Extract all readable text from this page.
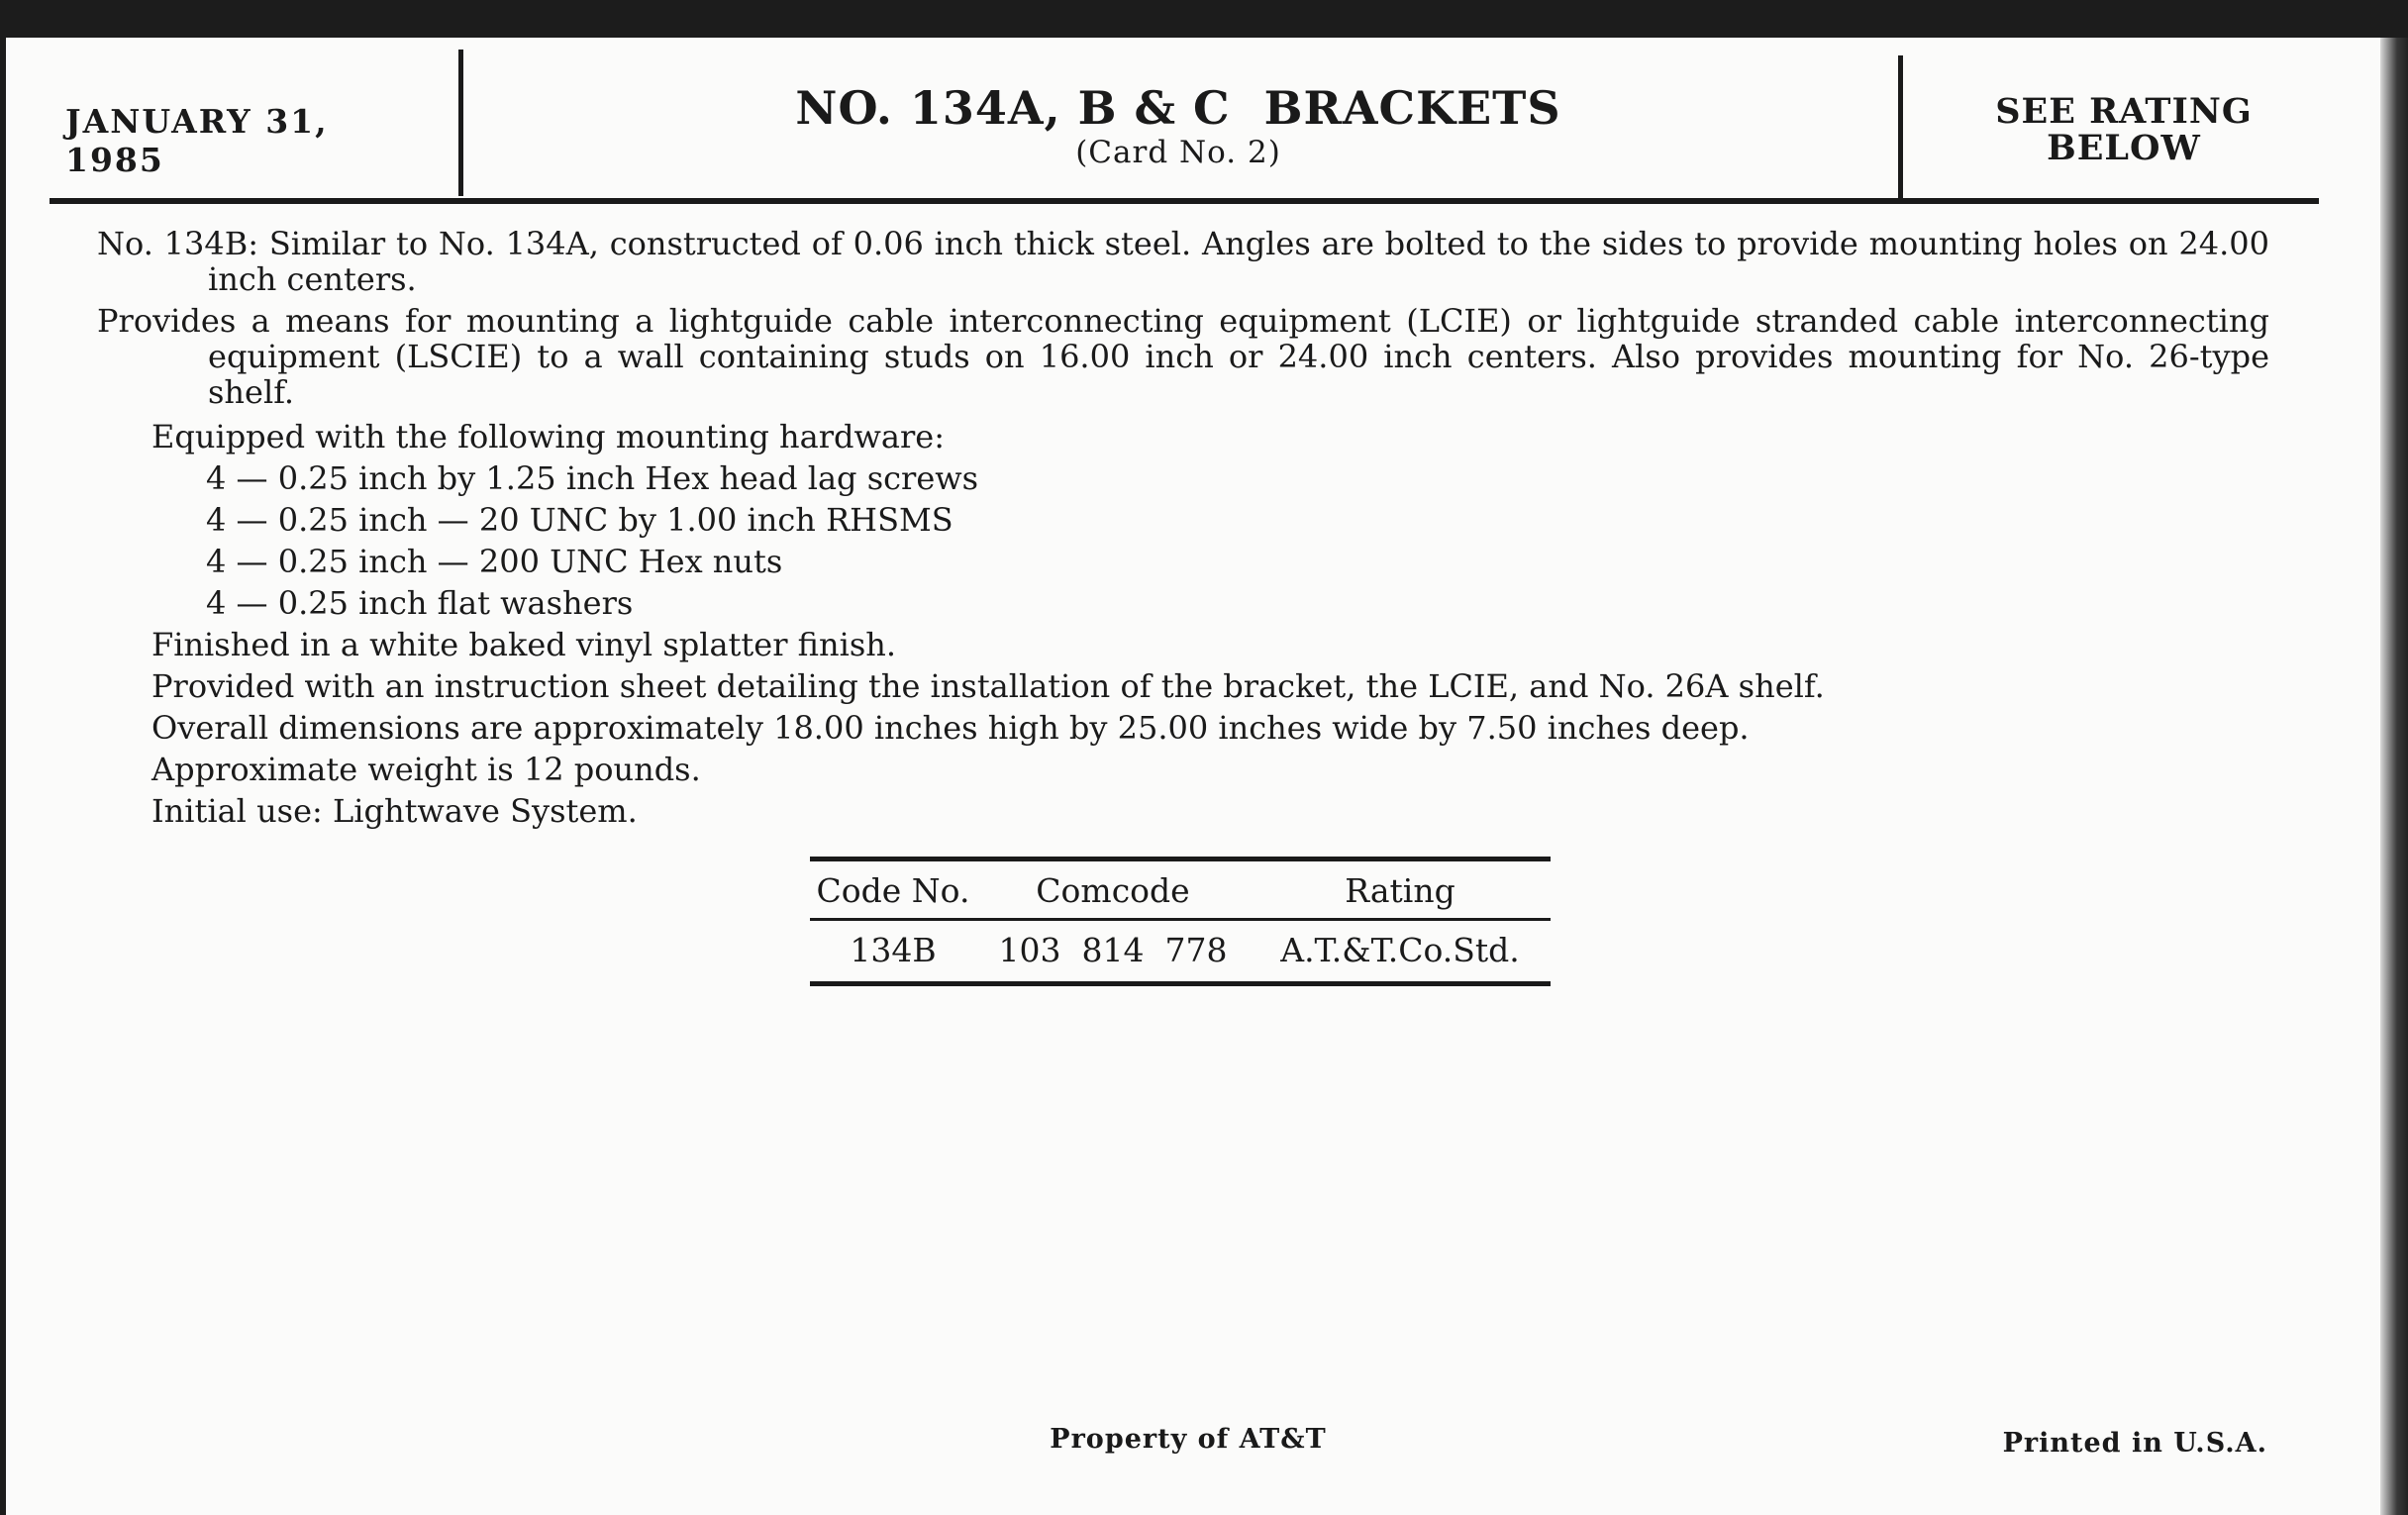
JANUARY 31, 1985
NO. 134A, B & C  BRACKETS
(Card No. 2)
SEE RATING
BELOW

No. 134B: Similar to No. 134A, constructed of 0.06 inch thick steel. Angles are bolted to the sides to provide mounting holes on 24.00 inch centers.

Provides a means for mounting a lightguide cable interconnecting equipment (LCIE) or lightguide stranded cable interconnecting equipment (LSCIE) to a wall containing studs on 16.00 inch or 24.00 inch centers. Also provides mounting for No. 26-type shelf.

Equipped with the following mounting hardware:
4 — 0.25 inch by 1.25 inch Hex head lag screws
4 — 0.25 inch — 20 UNC by 1.00 inch RHSMS
4 — 0.25 inch — 200 UNC Hex nuts
4 — 0.25 inch flat washers
Finished in a white baked vinyl splatter finish.
Provided with an instruction sheet detailing the installation of the bracket, the LCIE, and No. 26A shelf.
Overall dimensions are approximately 18.00 inches high by 25.00 inches wide by 7.50 inches deep.
Approximate weight is 12 pounds.
Initial use: Lightwave System.
Code No.	Comcode	Rating
134B	103  814  778	A.T.&T.Co.Std.
Property of AT&T	Printed in U.S.A.
